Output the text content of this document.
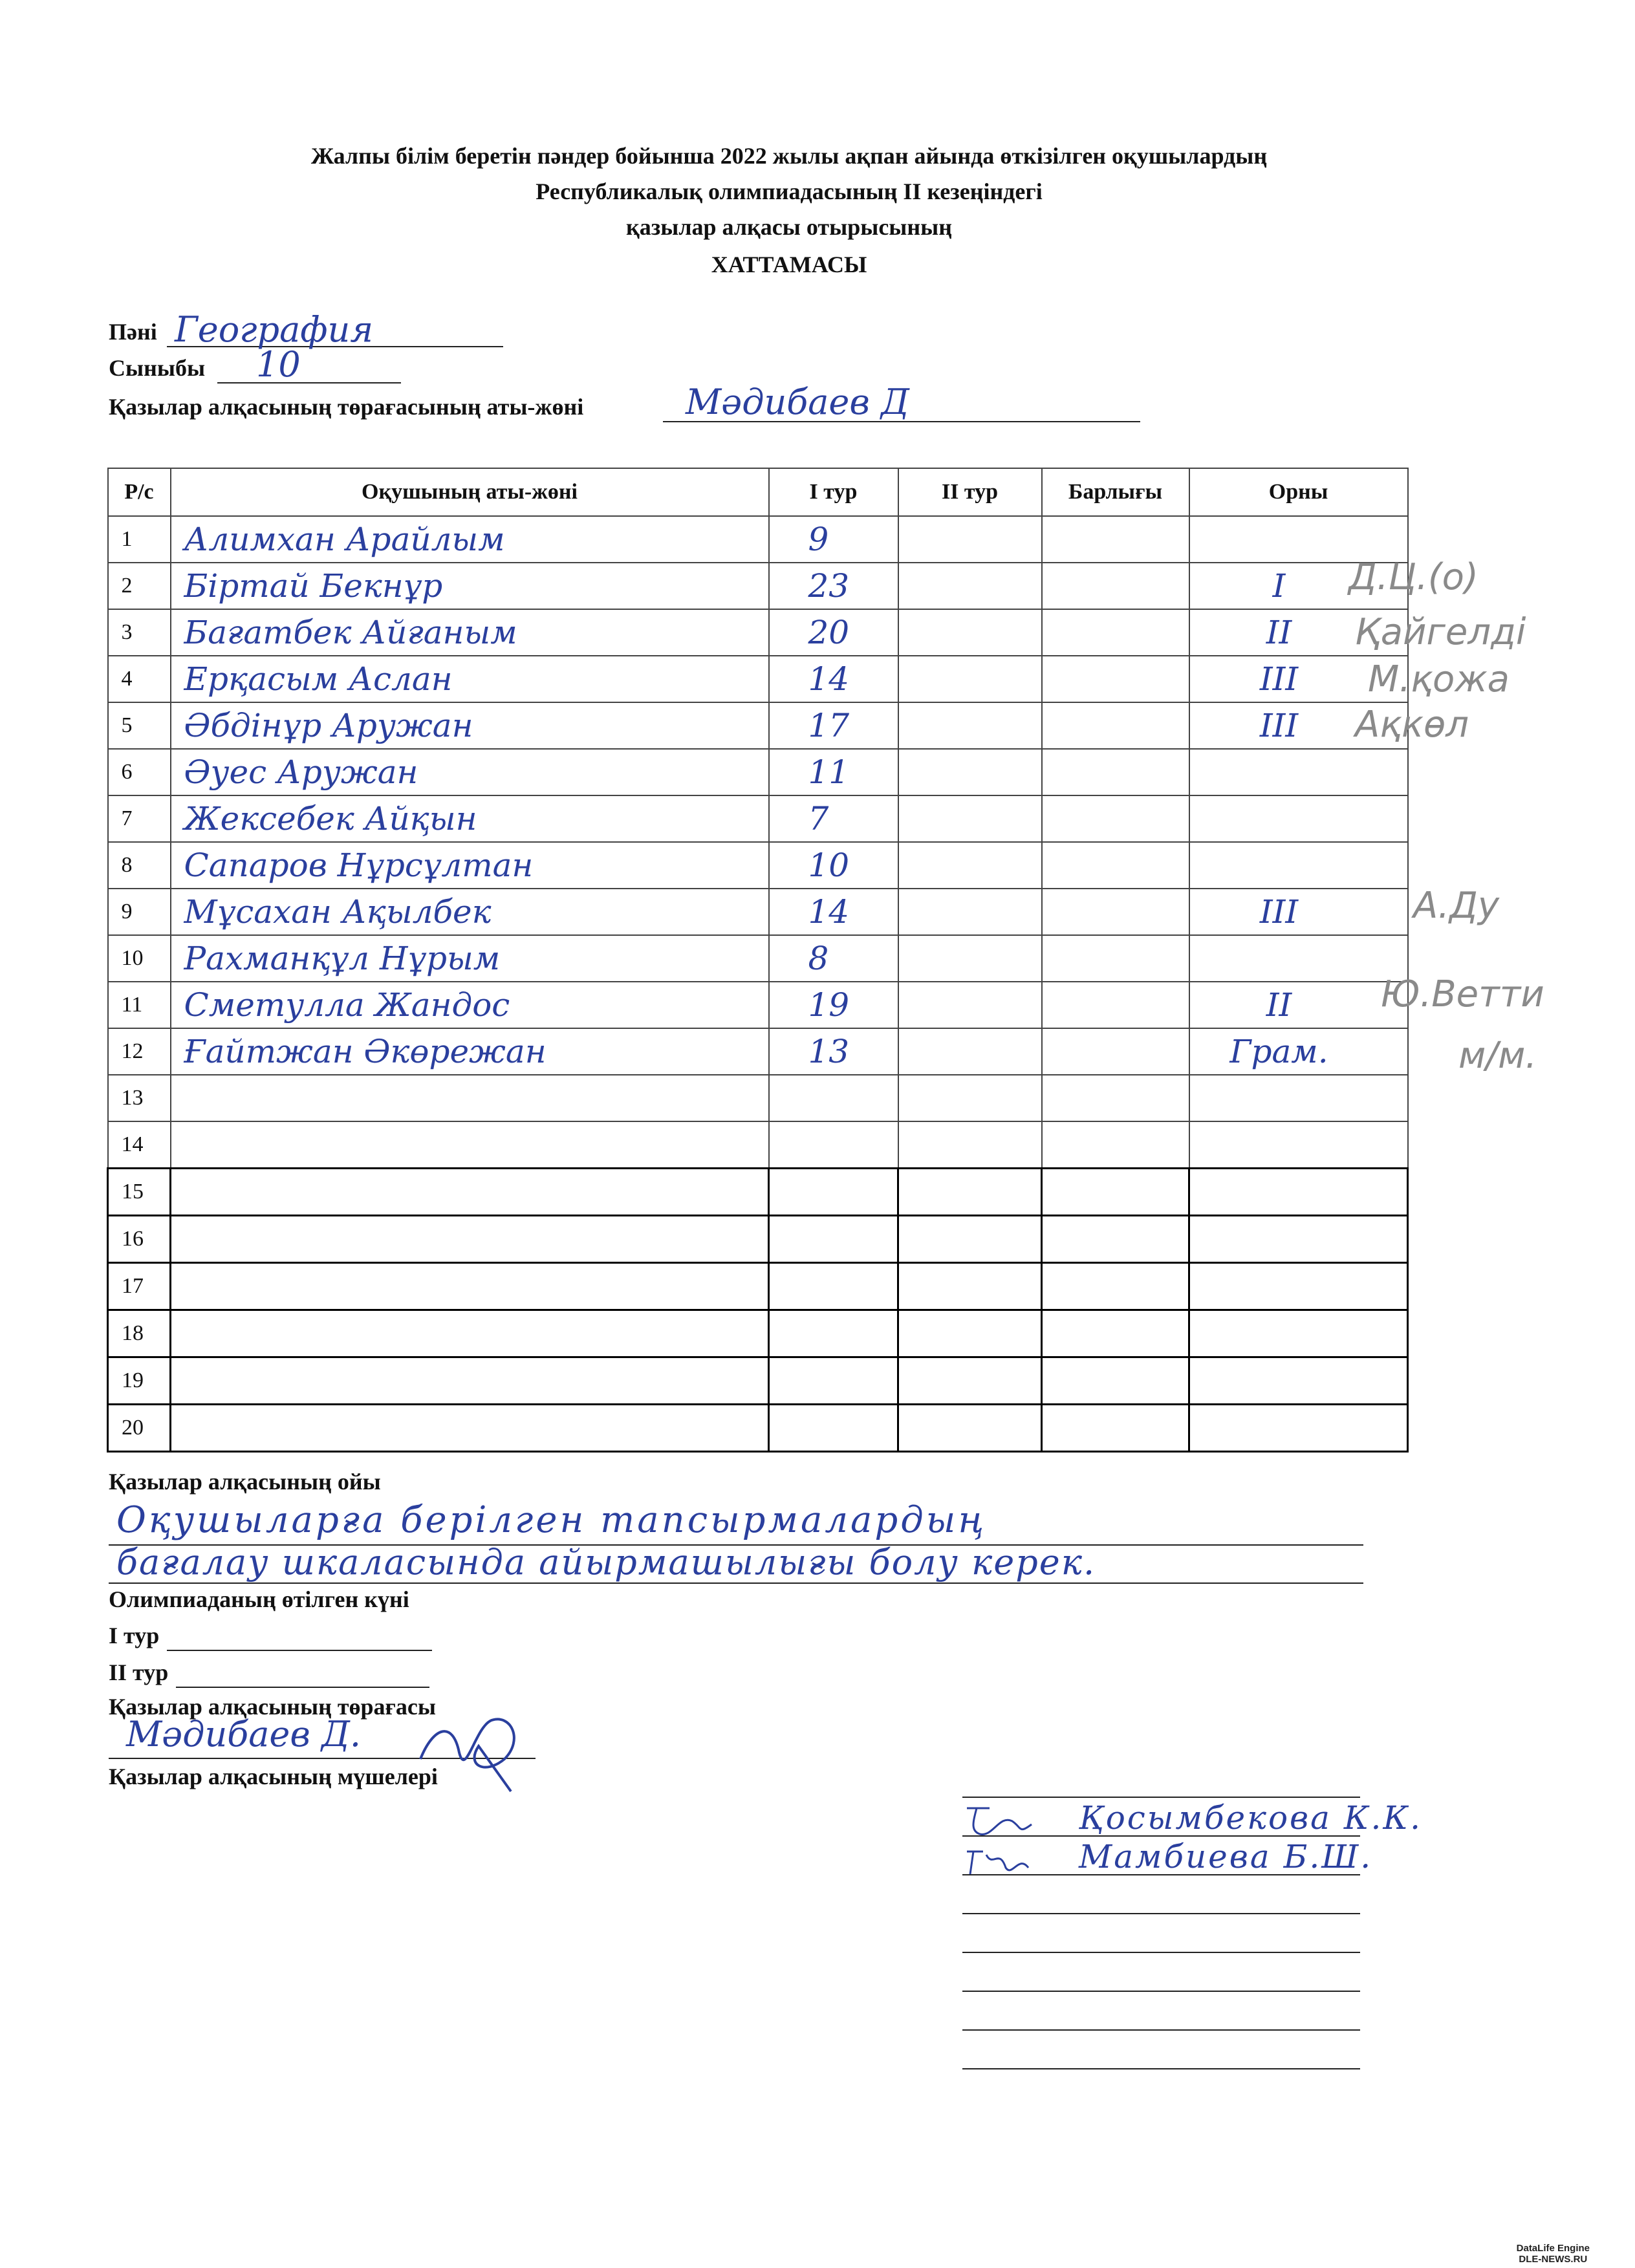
Жалпы білім беретін пәндер бойынша 2022 жылы ақпан айында өткізілген оқушылардың
Республикалық олимпиадасының II кезеңіндегі
қазылар алқасы отырысының
ХАТТАМАСЫ
Пәні География
Сыныбы 10
Қазылар алқасының төрағасының аты-жөні	Мәдибаев Д
Р/с	Оқушының аты-жөні	I тур	II тур	Барлығы	Орны
1	Алимхан Арайлым	9			
2	Біртай Бекнұр	23			I
3	Бағатбек Айғаным	20			II
4	Ерқасым Аслан	14			III
5	Әбдінұр Аружан	17			III
6	Әуес Аружан	11			
7	Жексебек Айқын	7			
8	Сапаров Нұрсұлтан	10			
9	Мұсахан Ақылбек	14			III
10	Рахманқұл Нұрым	8			
11	Сметулла Жандос	19			II
12	Ғайтжан Әкөрежан	13			Грам.
13					
14					
15					
16					
17					
18					
19					
20					
Д.Ц.(о)
Қайгелді
М.қожа
Ақкөл
А.Ду
Ю.Ветти
м/м.
Қазылар алқасының ойы
Оқушыларға берілген тапсырмалардың
бағалау шкаласында айырмашылығы болу керек.
Олимпиаданың өтілген күні
I тур
II тур
Қазылар алқасының төрағасы
Мәдибаев Д.
Қазылар алқасының мүшелері
Қосымбекова К.К.
Мамбиева Б.Ш.
DataLife Engine
DLE-NEWS.RU
